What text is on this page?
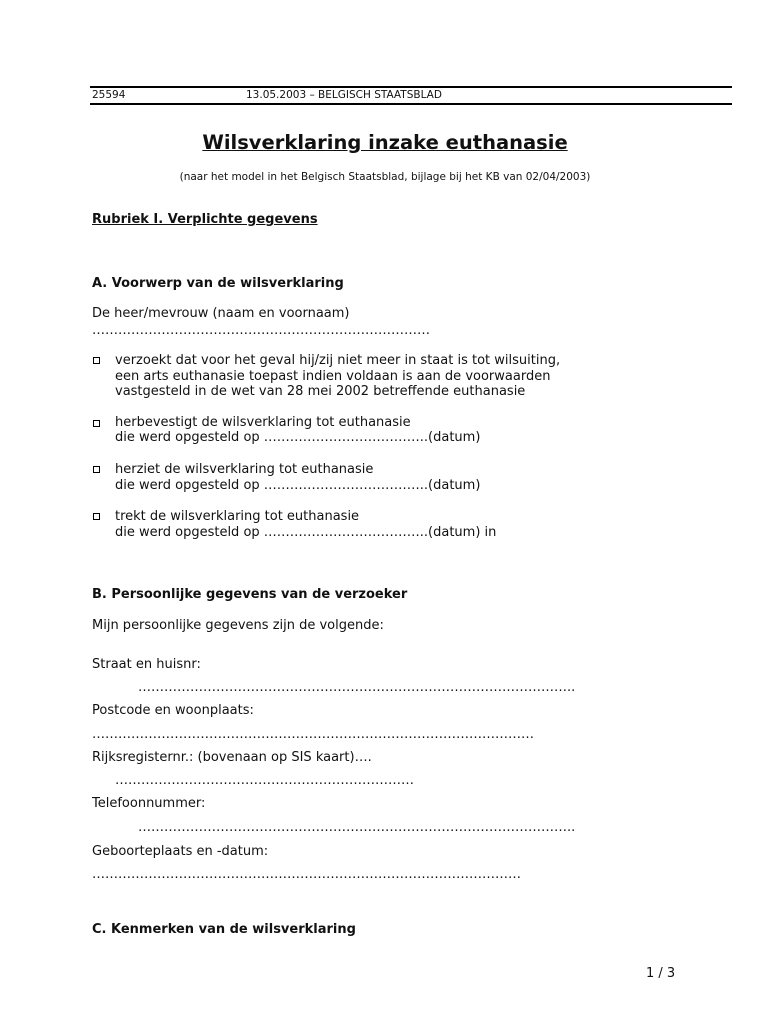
25594	13.05.2003 – BELGISCH STAATSBLAD
Wilsverklaring inzake euthanasie
(naar het model in het Belgisch Staatsblad, bijlage bij het KB van 02/04/2003)
Rubriek I. Verplichte gegevens
A. Voorwerp van de wilsverklaring
De heer/mevrouw (naam en voornaam)
……………………………………………………………………
verzoekt dat voor het geval hij/zij niet meer in staat is tot wilsuiting,
een arts euthanasie toepast indien voldaan is aan de voorwaarden
vastgesteld in de wet van 28 mei 2002 betreffende euthanasie
herbevestigt de wilsverklaring tot euthanasie
die werd opgesteld op ………………………………..(datum)
herziet de wilsverklaring tot euthanasie
die werd opgesteld op ………………………………..(datum)
trekt de wilsverklaring tot euthanasie
die werd opgesteld op ………………………………..(datum) in
B. Persoonlijke gegevens van de verzoeker
Mijn persoonlijke gegevens zijn de volgende:
Straat en huisnr:
………………………………………………………………………………………..
Postcode en woonplaats:
…………………………………………………………………………………………
Rijksregisternr.: (bovenaan op SIS kaart)….
……………………………………………………………
Telefoonnummer:
………………………………………………………………………………………..
Geboorteplaats en -datum:
………………………………………………………………………………………
C. Kenmerken van de wilsverklaring
1 / 3
